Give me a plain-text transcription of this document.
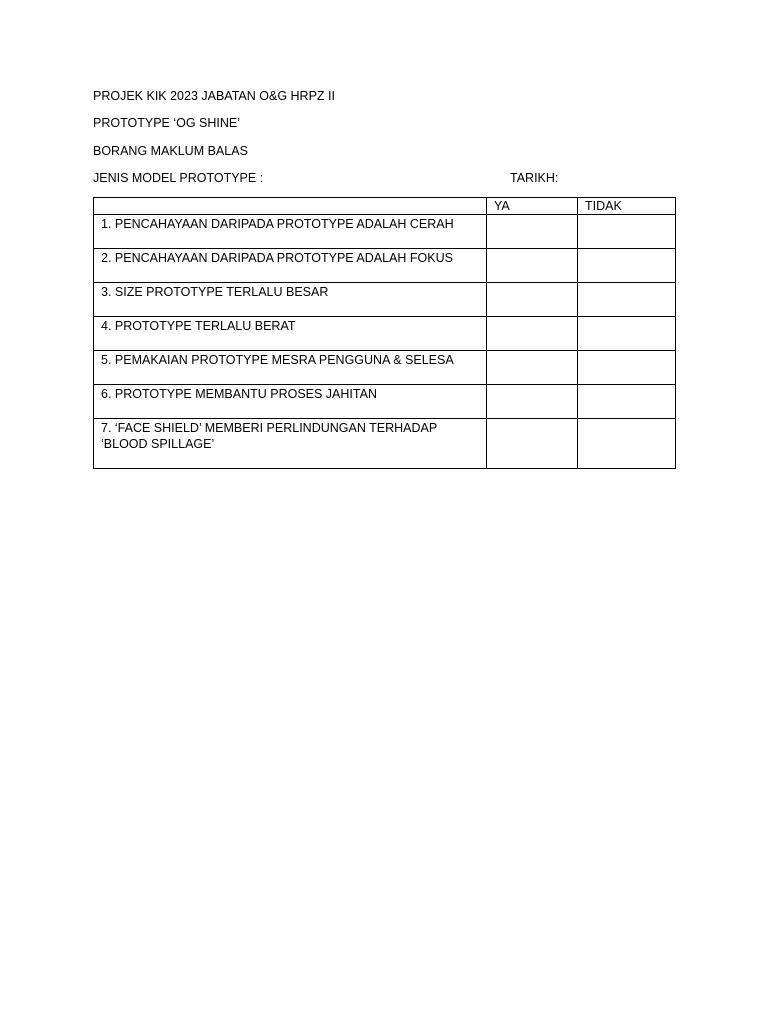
PROJEK KIK 2023 JABATAN O&G HRPZ II
PROTOTYPE ‘OG SHINE’
BORANG MAKLUM BALAS
JENIS MODEL PROTOTYPE :	TARIKH:
	YA	TIDAK
1. PENCAHAYAAN DARIPADA PROTOTYPE ADALAH CERAH		
2. PENCAHAYAAN DARIPADA PROTOTYPE ADALAH FOKUS		
3. SIZE PROTOTYPE TERLALU BESAR		
4. PROTOTYPE TERLALU BERAT		
5. PEMAKAIAN PROTOTYPE MESRA PENGGUNA & SELESA		
6. PROTOTYPE MEMBANTU PROSES JAHITAN		
7. ‘FACE SHIELD’ MEMBERI PERLINDUNGAN TERHADAP ‘BLOOD SPILLAGE’		
